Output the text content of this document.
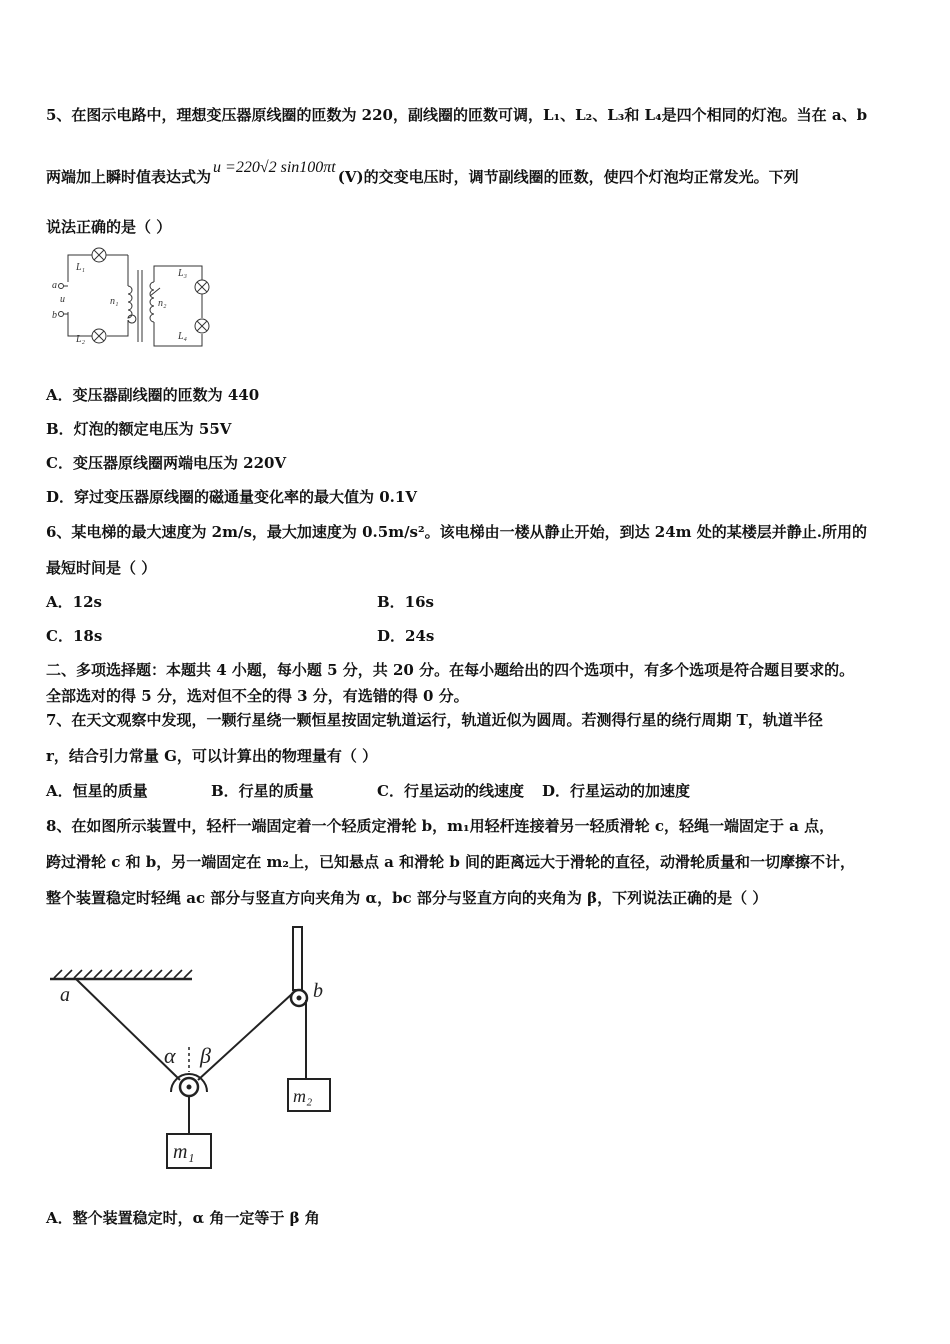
5、在图示电路中，理想变压器原线圈的匝数为 220，副线圈的匝数可调，L₁、L₂、L₃和 L₄是四个相同的灯泡。当在 a、b
两端加上瞬时值表达式为u =220√2 sin100πt(V)的交变电压时，调节副线圈的匝数，使四个灯泡均正常发光。下列
说法正确的是（ ）
L₁
L₂
L₃
L₄
a
u
b
n₁	n₂
A．变压器副线圈的匝数为 440
B．灯泡的额定电压为 55V
C．变压器原线圈两端电压为 220V
D．穿过变压器原线圈的磁通量变化率的最大值为 0.1V
6、某电梯的最大速度为 2m/s，最大加速度为 0.5m/s²。该电梯由一楼从静止开始，到达 24m 处的某楼层并静止.所用的
最短时间是（ ）
A．12s	B．16s
C．18s	D．24s
二、多项选择题：本题共 4 小题，每小题 5 分，共 20 分。在每小题给出的四个选项中，有多个选项是符合题目要求的。
全部选对的得 5 分，选对但不全的得 3 分，有选错的得 0 分。
7、在天文观察中发现，一颗行星绕一颗恒星按固定轨道运行，轨道近似为圆周。若测得行星的绕行周期 T，轨道半径
r，结合引力常量 G，可以计算出的物理量有（ ）
A．恒星的质量	B．行星的质量	C．行星运动的线速度 D．行星运动的加速度
8、在如图所示装置中，轻杆一端固定着一个轻质定滑轮 b，m₁用轻杆连接着另一轻质滑轮 c，轻绳一端固定于 a 点，
跨过滑轮 c 和 b，另一端固定在 m₂上，已知悬点 a 和滑轮 b 间的距离远大于滑轮的直径，动滑轮质量和一切摩擦不计，
整个装置稳定时轻绳 ac 部分与竖直方向夹角为 α，bc 部分与竖直方向的夹角为 β，下列说法正确的是（ ）
a	b
α β
m₂
m₁
A．整个装置稳定时，α 角一定等于 β 角
